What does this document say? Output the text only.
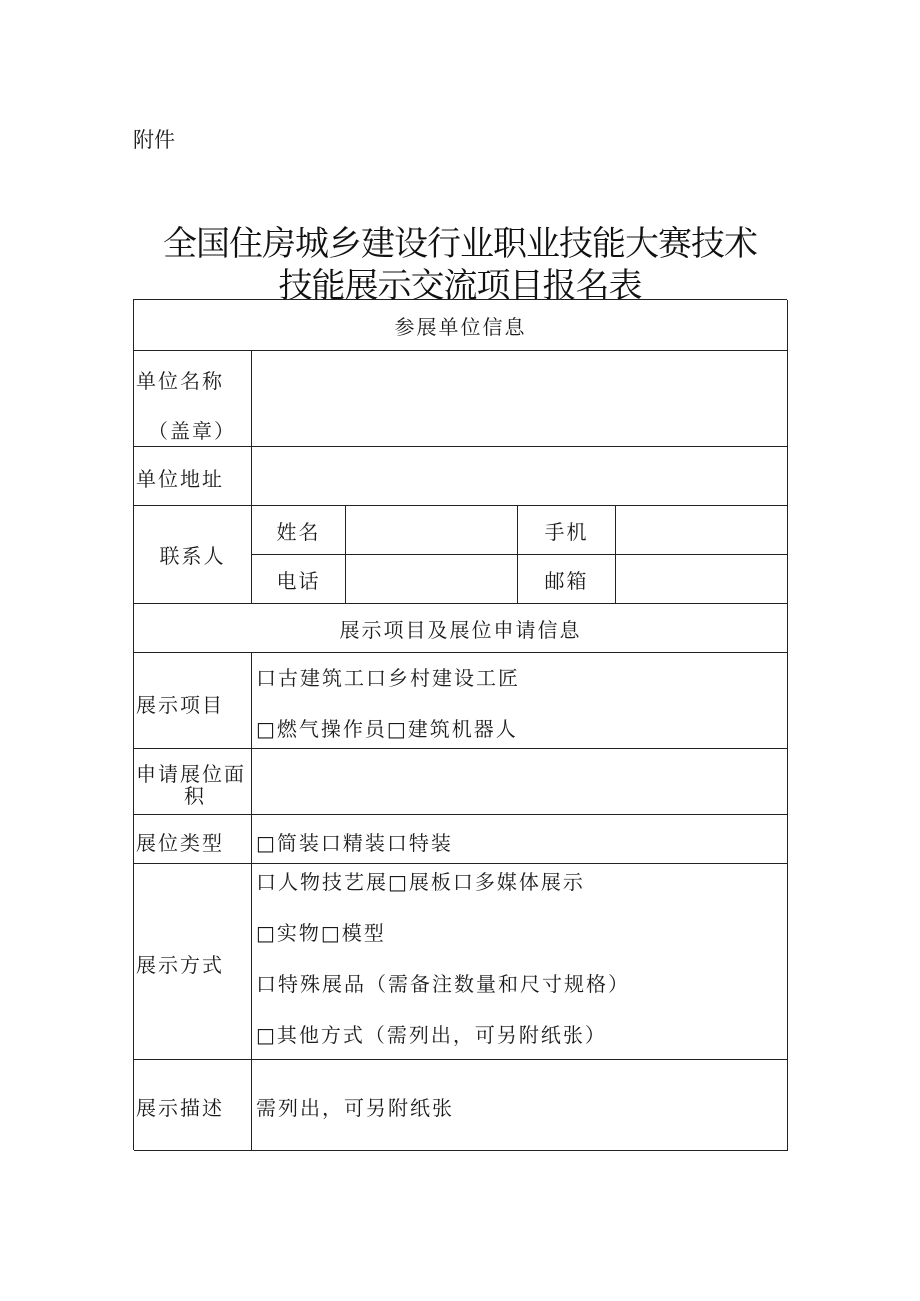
附件
全国住房城乡建设行业职业技能大赛技术
技能展示交流项目报名表
参展单位信息
单位名称
（盖章）
单位地址
联系人
姓名	手机
电话	邮箱
展示项目及展位申请信息
展示项目
口古建筑工口乡村建设工匠
□燃气操作员□建筑机器人
申请展位面
积
展位类型 □简装口精装口特装
展示方式
口人物技艺展□展板口多媒体展示
□实物□模型
口特殊展品（需备注数量和尺寸规格）
□其他方式（需列出，可另附纸张）
展示描述 需列出，可另附纸张
